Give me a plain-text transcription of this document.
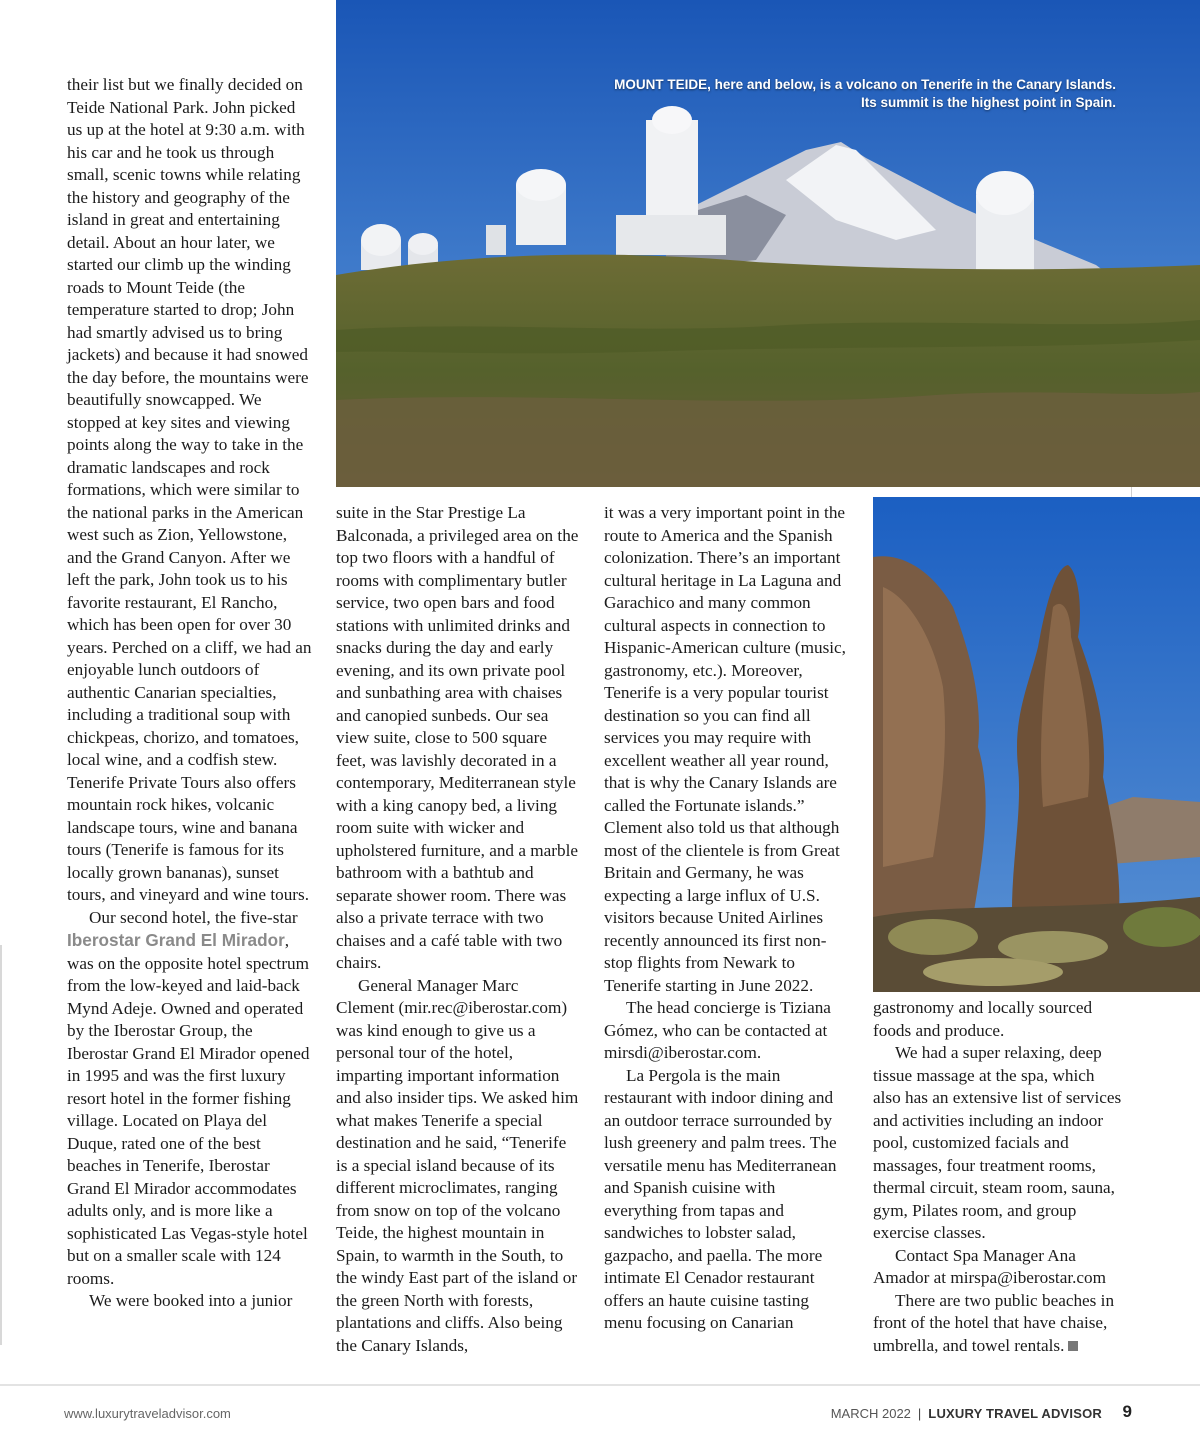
MOUNT TEIDE, here and below, is a volcano on Tenerife in the Canary Islands.
Its summit is the highest point in Spain.

their list but we finally decided on Teide National Park. John picked us up at the hotel at 9:30 a.m. with his car and he took us through small, scenic towns while relating the history and geography of the island in great and entertaining detail. About an hour later, we started our climb up the winding roads to Mount Teide (the temperature started to drop; John had smartly advised us to bring jackets) and because it had snowed the day before, the mountains were beautifully snowcapped. We stopped at key sites and viewing points along the way to take in the dramatic landscapes and rock formations, which were similar to the national parks in the American west such as Zion, Yellowstone, and the Grand Canyon. After we left the park, John took us to his favorite restaurant, El Rancho, which has been open for over 30 years. Perched on a cliff, we had an enjoyable lunch outdoors of authentic Canarian specialties, including a traditional soup with chickpeas, chorizo, and tomatoes, local wine, and a codfish stew. Tenerife Private Tours also offers mountain rock hikes, volcanic landscape tours, wine and banana tours (Tenerife is famous for its locally grown bananas), sunset tours, and vineyard and wine tours.

Our second hotel, the five-star Iberostar Grand El Mirador, was on the opposite hotel spectrum from the low-keyed and laid-back Mynd Adeje. Owned and operated by the Iberostar Group, the Iberostar Grand El Mirador opened in 1995 and was the first luxury resort hotel in the former fishing village. Located on Playa del Duque, rated one of the best beaches in Tenerife, Iberostar Grand El Mirador accommodates adults only, and is more like a sophisticated Las Vegas-style hotel but on a smaller scale with 124 rooms.

We were booked into a junior

suite in the Star Prestige La Balconada, a privileged area on the top two floors with a handful of rooms with complimentary butler service, two open bars and food stations with unlimited drinks and snacks during the day and early evening, and its own private pool and sunbathing area with chaises and canopied sunbeds. Our sea view suite, close to 500 square feet, was lavishly decorated in a contemporary, Mediterranean style with a king canopy bed, a living room suite with wicker and upholstered furniture, and a marble bathroom with a bathtub and separate shower room. There was also a private terrace with two chaises and a café table with two chairs.

General Manager Marc Clement (mir.rec@iberostar.com) was kind enough to give us a personal tour of the hotel, imparting important information and also insider tips. We asked him what makes Tenerife a special destination and he said, “Tenerife is a special island because of its different microclimates, ranging from snow on top of the volcano Teide, the highest mountain in Spain, to warmth in the South, to the windy East part of the island or the green North with forests, plantations and cliffs. Also being the Canary Islands,

it was a very important point in the route to America and the Spanish colonization. There’s an important cultural heritage in La Laguna and Garachico and many common cultural aspects in connection to Hispanic-American culture (music, gastronomy, etc.). Moreover, Tenerife is a very popular tourist destination so you can find all services you may require with excellent weather all year round, that is why the Canary Islands are called the Fortunate islands.” Clement also told us that although most of the clientele is from Great Britain and Germany, he was expecting a large influx of U.S. visitors because United Airlines recently announced its first non-stop flights from Newark to Tenerife starting in June 2022.

The head concierge is Tiziana Gómez, who can be contacted at mirsdi@iberostar.com.

La Pergola is the main restaurant with indoor dining and an outdoor terrace surrounded by lush greenery and palm trees. The versatile menu has Mediterranean and Spanish cuisine with everything from tapas and sandwiches to lobster salad, gazpacho, and paella. The more intimate El Cenador restaurant offers an haute cuisine tasting menu focusing on Canarian

gastronomy and locally sourced foods and produce.

We had a super relaxing, deep tissue massage at the spa, which also has an extensive list of services and activities including an indoor pool, customized facials and massages, four treatment rooms, thermal circuit, steam room, sauna, gym, Pilates room, and group exercise classes.

Contact Spa Manager Ana Amador at mirspa@iberostar.com

There are two public beaches in front of the hotel that have chaise, umbrella, and towel rentals.

www.luxurytraveladvisor.com	MARCH 2022 | LUXURY TRAVEL ADVISOR 9
